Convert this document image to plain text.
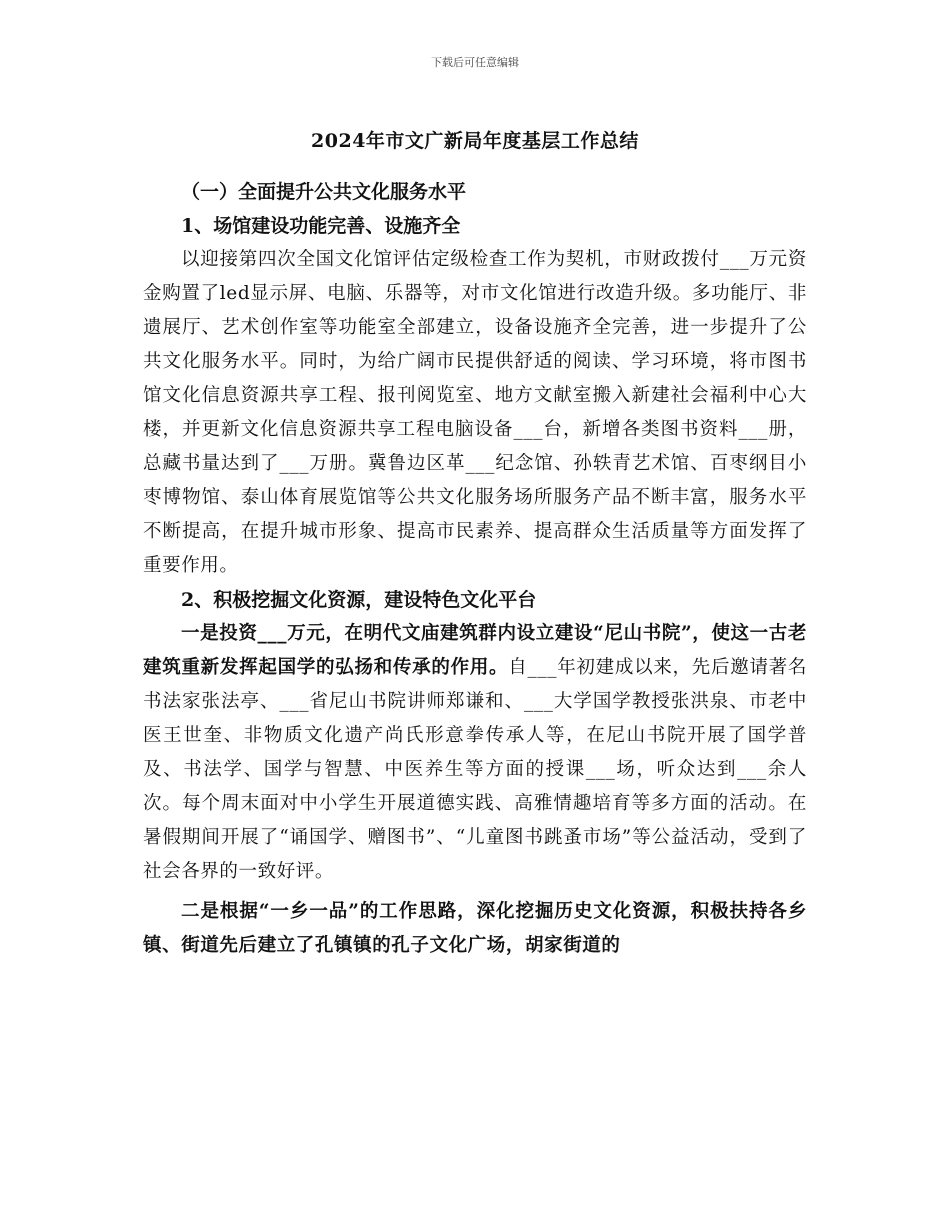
下载后可任意编辑
2024年市文广新局年度基层工作总结

（一）全面提升公共文化服务水平

1、场馆建设功能完善、设施齐全

以迎接第四次全国文化馆评估定级检查工作为契机，市财政拨付___万元资金购置了led显示屏、电脑、乐器等，对市文化馆进行改造升级。多功能厅、非遗展厅、艺术创作室等功能室全部建立，设备设施齐全完善，进一步提升了公共文化服务水平。同时，为给广阔市民提供舒适的阅读、学习环境，将市图书馆文化信息资源共享工程、报刊阅览室、地方文献室搬入新建社会福利中心大楼，并更新文化信息资源共享工程电脑设备___台，新增各类图书资料___册，总藏书量达到了___万册。冀鲁边区革___纪念馆、孙轶青艺术馆、百枣纲目小枣博物馆、泰山体育展览馆等公共文化服务场所服务产品不断丰富，服务水平不断提高，在提升城市形象、提高市民素养、提高群众生活质量等方面发挥了重要作用。

2、积极挖掘文化资源，建设特色文化平台

一是投资___万元，在明代文庙建筑群内设立建设“尼山书院”，使这一古老建筑重新发挥起国学的弘扬和传承的作用。自___年初建成以来，先后邀请著名书法家张法亭、___省尼山书院讲师郑谦和、___大学国学教授张洪泉、市老中医王世奎、非物质文化遗产尚氏形意拳传承人等，在尼山书院开展了国学普及、书法学、国学与智慧、中医养生等方面的授课___场，听众达到___余人次。每个周末面对中小学生开展道德实践、高雅情趣培育等多方面的活动。在暑假期间开展了“诵国学、赠图书”、“儿童图书跳蚤市场”等公益活动，受到了社会各界的一致好评。

二是根据“一乡一品”的工作思路，深化挖掘历史文化资源，积极扶持各乡镇、街道先后建立了孔镇镇的孔子文化广场，胡家街道的
